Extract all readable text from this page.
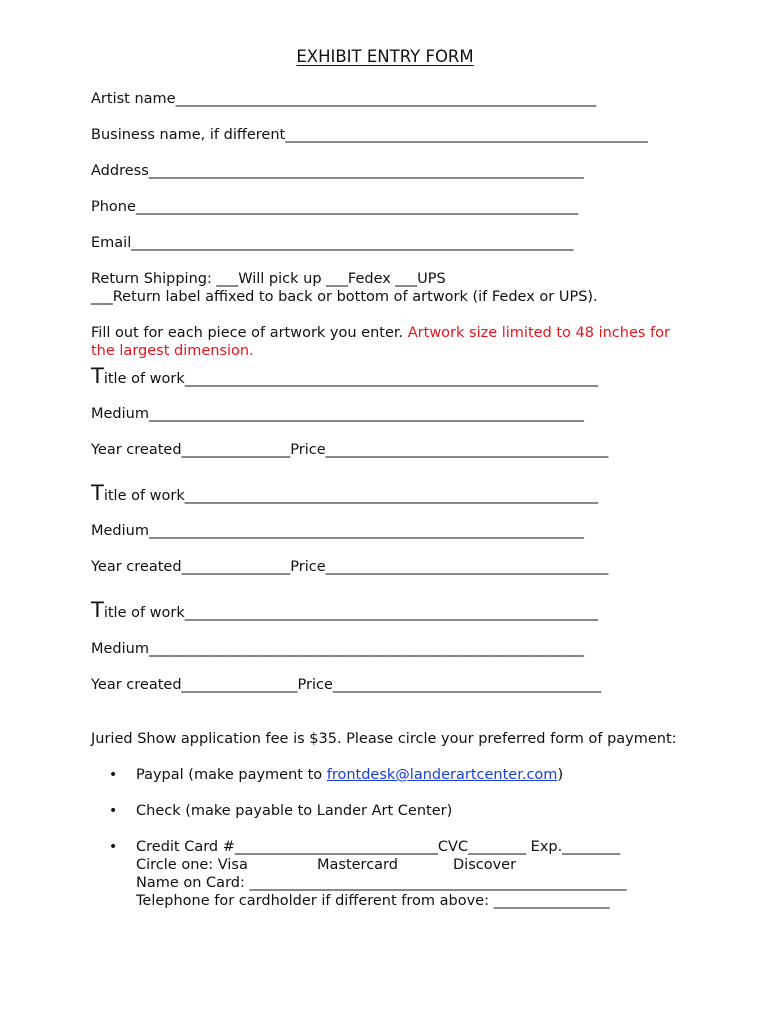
EXHIBIT ENTRY FORM
Artist name__________________________________________________________
Business name, if different__________________________________________________
Address____________________________________________________________
Phone_____________________________________________________________
Email_____________________________________________________________
Return Shipping: ___Will pick up ___Fedex ___UPS
___Return label affixed to back or bottom of artwork (if Fedex or UPS).
Fill out for each piece of artwork you enter. Artwork size limited to 48 inches for
the largest dimension.
Title of work_________________________________________________________
Medium____________________________________________________________
Year created_______________Price_______________________________________
Title of work_________________________________________________________
Medium____________________________________________________________
Year created_______________Price_______________________________________
Title of work_________________________________________________________
Medium____________________________________________________________
Year created________________Price_____________________________________
Juried Show application fee is $35. Please circle your preferred form of payment:
• Paypal (make payment to frontdesk@landerartcenter.com)
• Check (make payable to Lander Art Center)
• Credit Card #____________________________CVC________ Exp.________
Circle one: Visa	Mastercard	Discover
Name on Card: ____________________________________________________
Telephone for cardholder if different from above: ________________
